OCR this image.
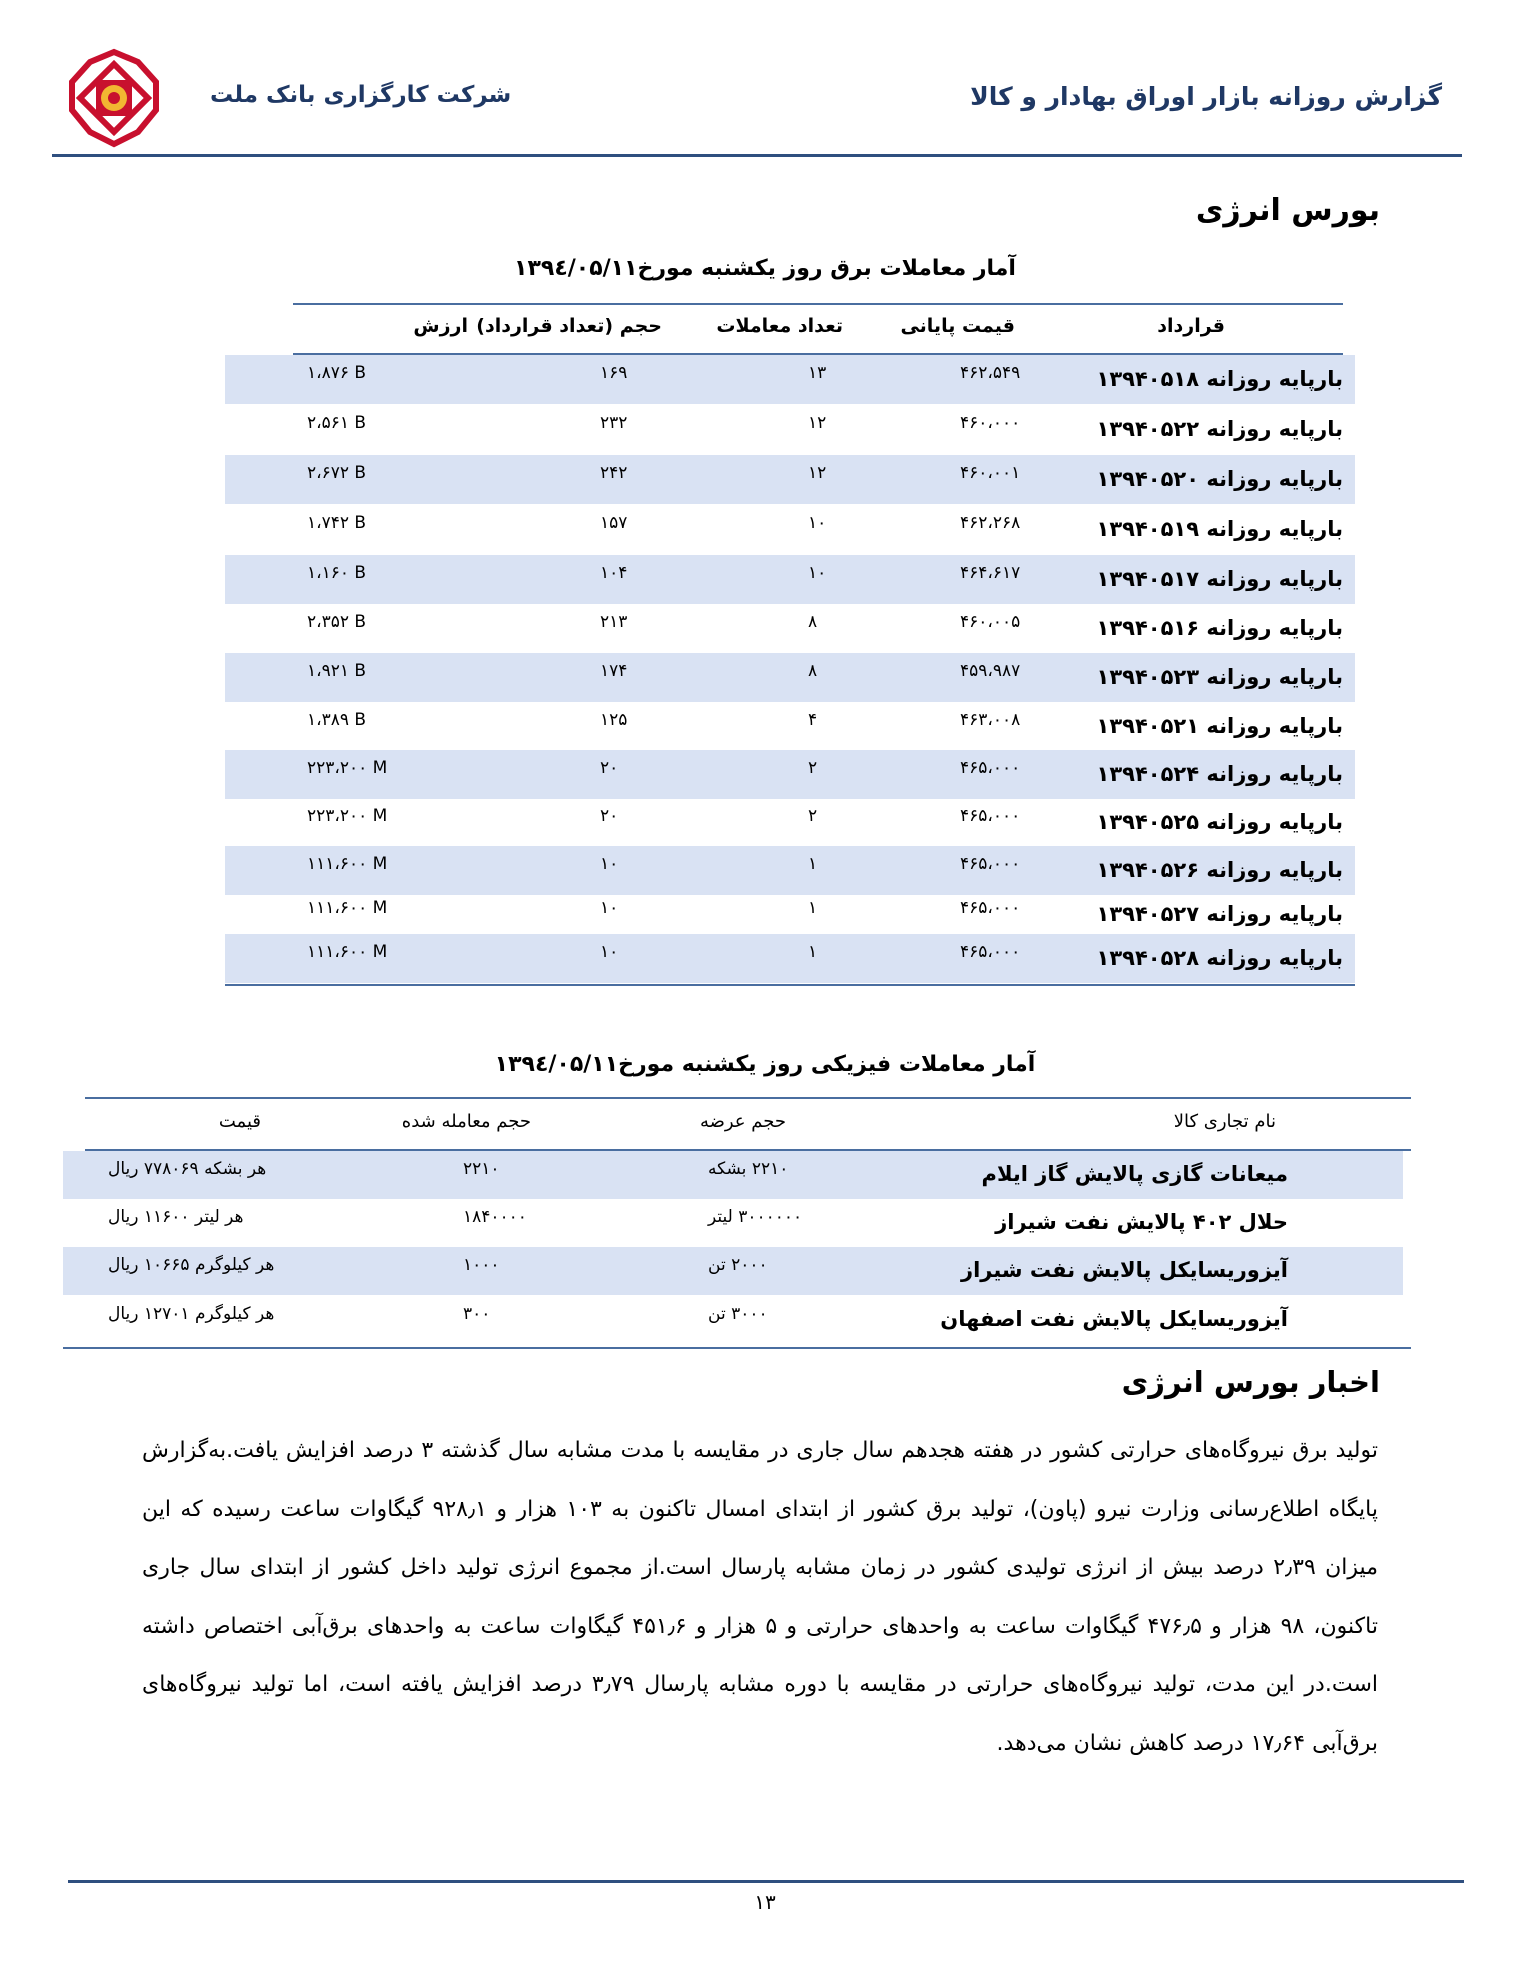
شرکت کارگزاری بانک ملت	گزارش روزانه بازار اوراق بهادار و کالا
بورس انرژی
آمار معاملات برق روز یکشنبه مورخ۱۳۹٤/۰۵/۱۱
قرارداد
قیمت پایانی
تعداد معاملات
حجم (تعداد قرارداد)
ارزش
بارپایه روزانه ۱۳۹۴۰۵۱۸
۴۶۲،۵۴۹
۱۳
۱۶۹
۱،۸۷۶ B
بارپایه روزانه ۱۳۹۴۰۵۲۲
۴۶۰،۰۰۰
۱۲
۲۳۲
۲،۵۶۱ B
بارپایه روزانه ۱۳۹۴۰۵۲۰
۴۶۰،۰۰۱
۱۲
۲۴۲
۲،۶۷۲ B
بارپایه روزانه ۱۳۹۴۰۵۱۹
۴۶۲،۲۶۸
۱۰
۱۵۷
۱،۷۴۲ B
بارپایه روزانه ۱۳۹۴۰۵۱۷
۴۶۴،۶۱۷
۱۰
۱۰۴
۱،۱۶۰ B
بارپایه روزانه ۱۳۹۴۰۵۱۶
۴۶۰،۰۰۵
۸
۲۱۳
۲،۳۵۲ B
بارپایه روزانه ۱۳۹۴۰۵۲۳
۴۵۹،۹۸۷
۸
۱۷۴
۱،۹۲۱ B
بارپایه روزانه ۱۳۹۴۰۵۲۱
۴۶۳،۰۰۸
۴
۱۲۵
۱،۳۸۹ B
بارپایه روزانه ۱۳۹۴۰۵۲۴
۴۶۵،۰۰۰
۲
۲۰
۲۲۳،۲۰۰ M
بارپایه روزانه ۱۳۹۴۰۵۲۵
۴۶۵،۰۰۰
۲
۲۰
۲۲۳،۲۰۰ M
بارپایه روزانه ۱۳۹۴۰۵۲۶
۴۶۵،۰۰۰
۱
۱۰
۱۱۱،۶۰۰ M
بارپایه روزانه ۱۳۹۴۰۵۲۷
۴۶۵،۰۰۰
۱
۱۰
۱۱۱،۶۰۰ M
بارپایه روزانه ۱۳۹۴۰۵۲۸
۴۶۵،۰۰۰
۱
۱۰
۱۱۱،۶۰۰ M
آمار معاملات فیزیکی روز یکشنبه مورخ۱۳۹٤/۰۵/۱۱
نام تجاری کالا
حجم عرضه
حجم معامله شده
قیمت
میعانات گازی پالایش گاز ایلام
۲۲۱۰ بشکه
۲۲۱۰
هر بشکه ۷۷۸۰۶۹ ریال
حلال ۴۰۲ پالایش نفت شیراز
۳۰۰۰۰۰۰ لیتر
۱۸۴۰۰۰۰
هر لیتر ۱۱۶۰۰ ریال
آیزوریسایکل پالایش نفت شیراز
۲۰۰۰ تن
۱۰۰۰
هر کیلوگرم ۱۰۶۶۵ ریال
آیزوریسایکل پالایش نفت اصفهان
۳۰۰۰ تن
۳۰۰
هر کیلوگرم ۱۲۷۰۱ ریال
اخبار بورس انرژی
تولید برق نیروگاه‌های حرارتی کشور در هفته هجدهم سال جاری در مقایسه با مدت مشابه سال گذشته ۳ درصد افزایش یافت.به‌گزارش پایگاه اطلاع‌رسانی وزارت نیرو (پاون)، تولید برق کشور از ابتدای امسال تاکنون به ۱۰۳ هزار و ۹۲۸٫۱ گیگاوات ساعت رسیده که این میزان ۲٫۳۹ درصد بیش از انرژی تولیدی کشور در زمان مشابه پارسال است.از مجموع انرژی تولید داخل کشور از ابتدای سال جاری تاکنون، ۹۸ هزار و ۴۷۶٫۵ گیگاوات ساعت به واحدهای حرارتی و ۵ هزار و ۴۵۱٫۶ گیگاوات ساعت به واحدهای برق‌آبی اختصاص داشته است.در این مدت، تولید نیروگاه‌های حرارتی در مقایسه با دوره مشابه پارسال ۳٫۷۹ درصد افزایش یافته است، اما تولید نیروگاه‌های برق‌آبی ۱۷٫۶۴ درصد کاهش نشان می‌دهد.
۱۳
